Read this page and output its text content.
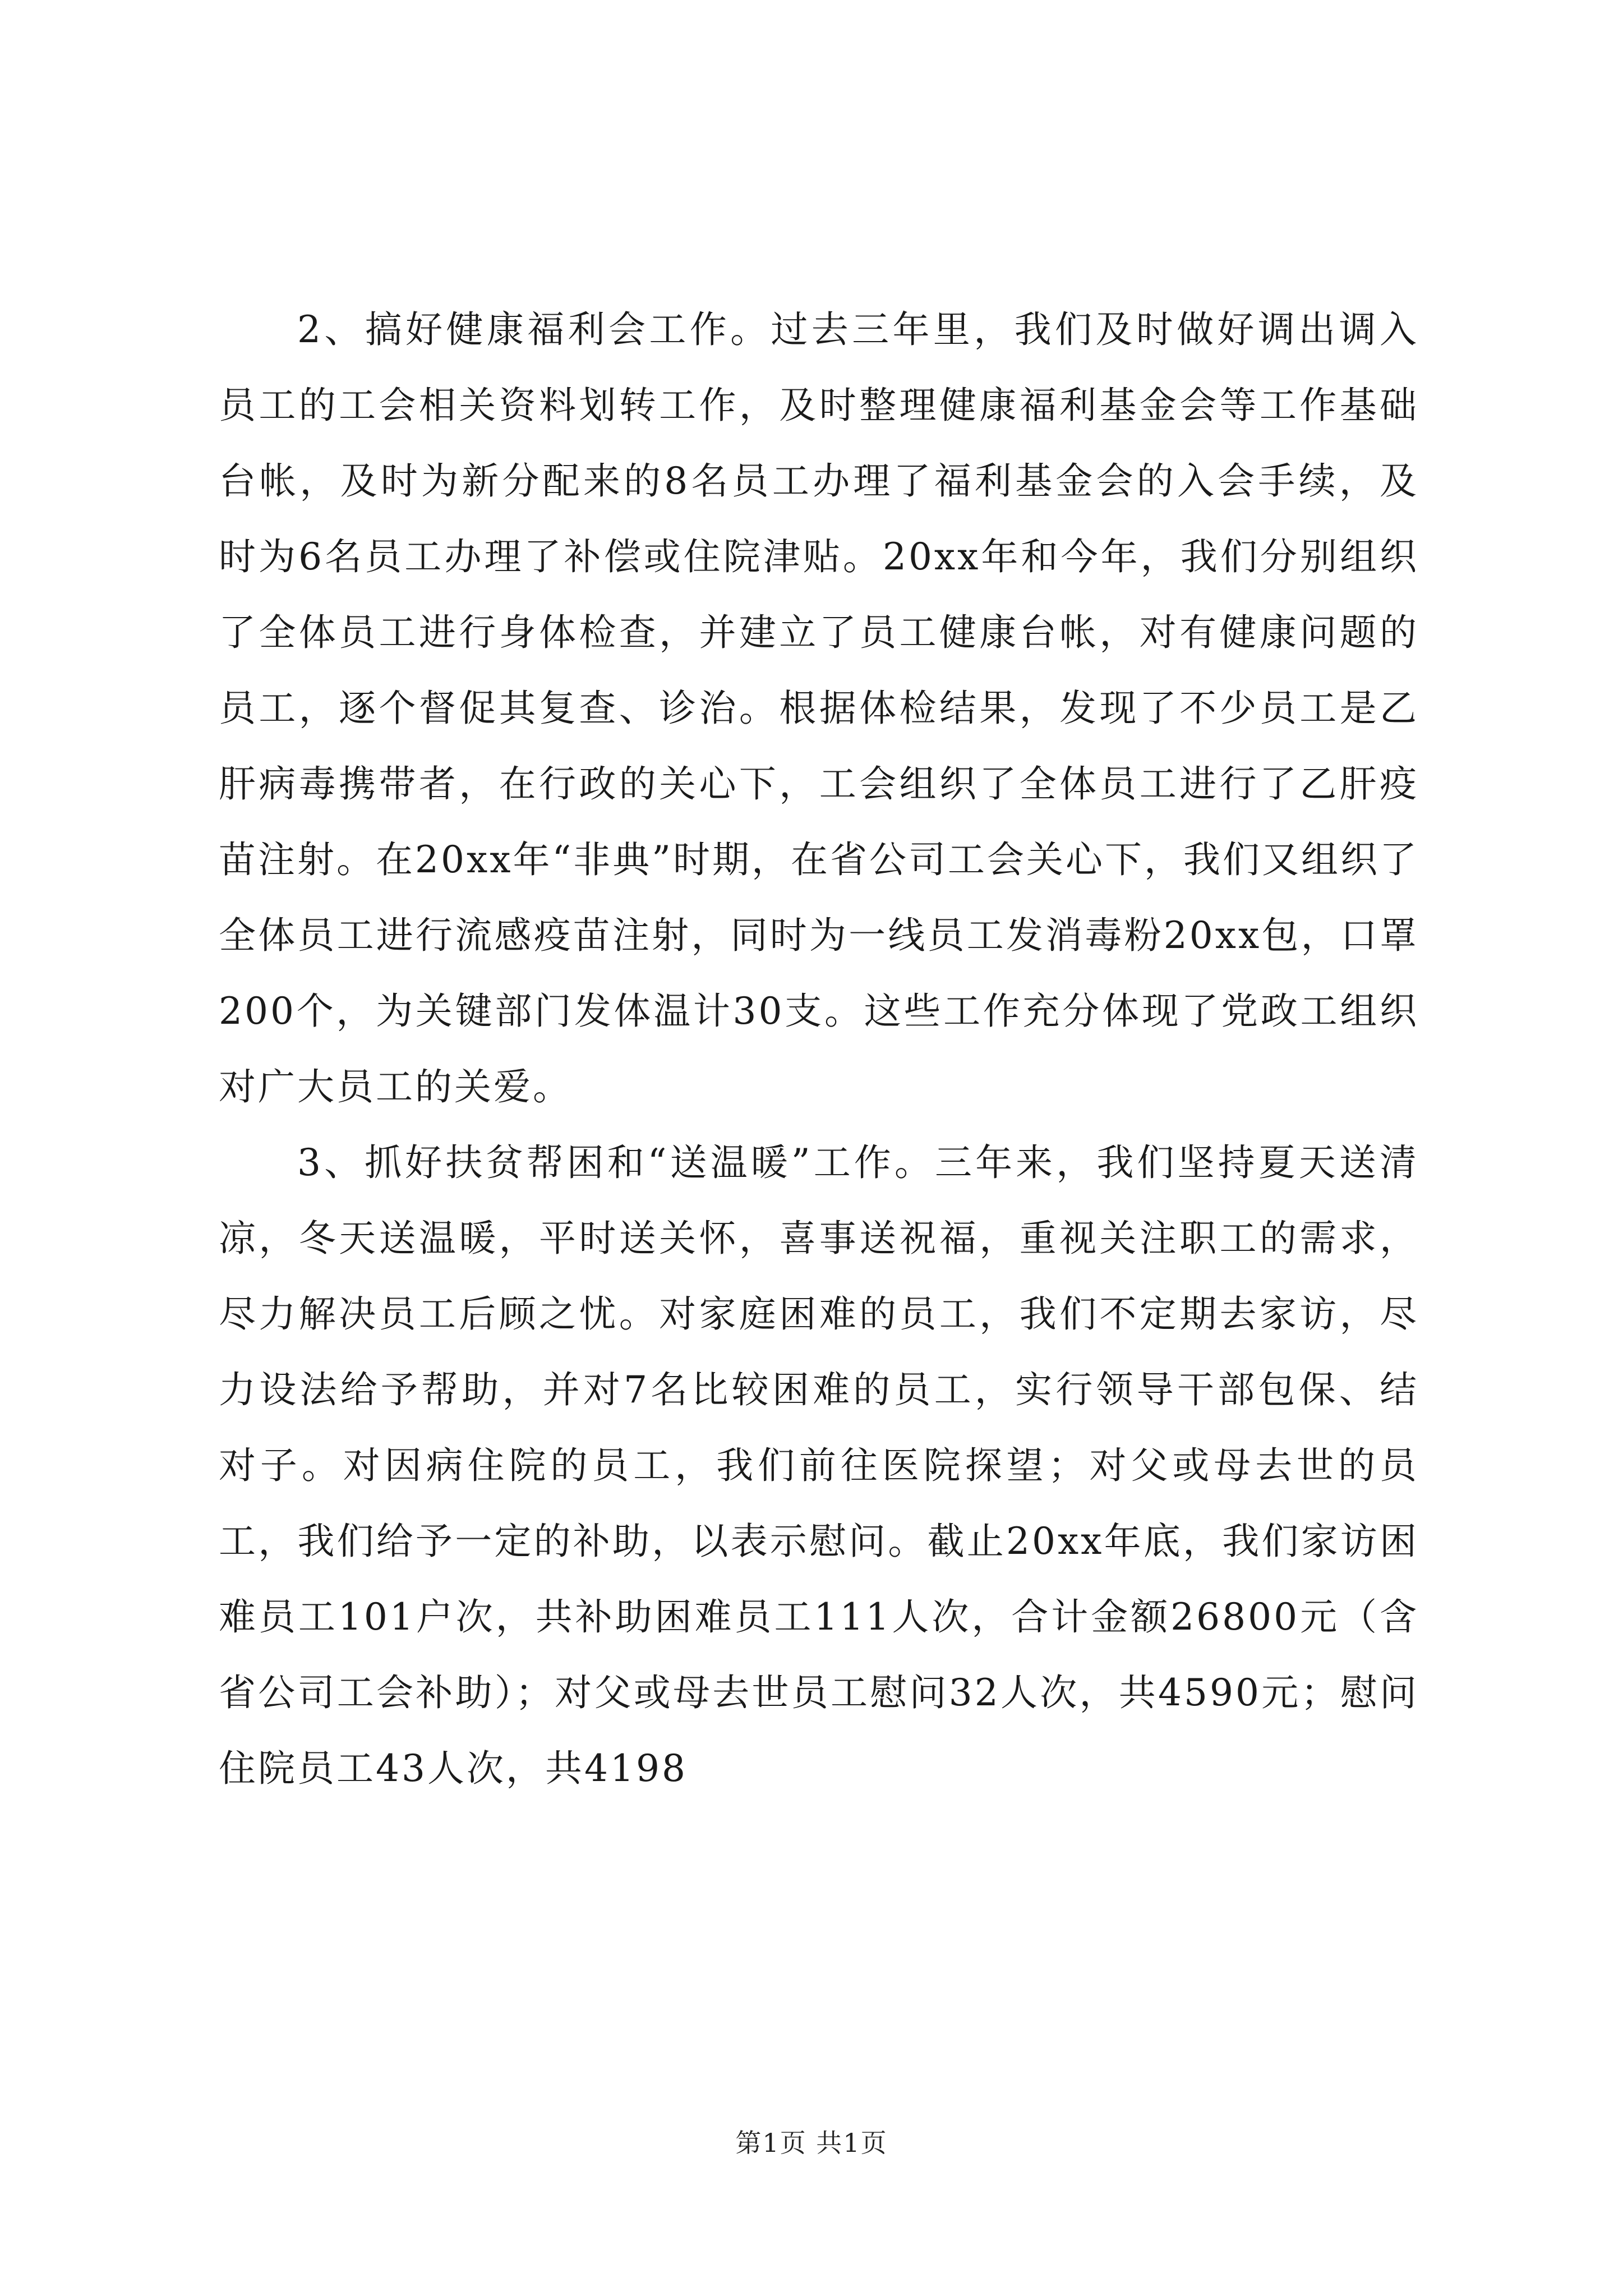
2、搞好健康福利会工作。过去三年里，我们及时做好调出调入员工的工会相关资料划转工作，及时整理健康福利基金会等工作基础台帐，及时为新分配来的8名员工办理了福利基金会的入会手续，及时为6名员工办理了补偿或住院津贴。20xx年和今年，我们分别组织了全体员工进行身体检查，并建立了员工健康台帐，对有健康问题的员工，逐个督促其复查、诊治。根据体检结果，发现了不少员工是乙肝病毒携带者，在行政的关心下，工会组织了全体员工进行了乙肝疫苗注射。在20xx年“非典”时期，在省公司工会关心下，我们又组织了全体员工进行流感疫苗注射，同时为一线员工发消毒粉20xx包，口罩200个，为关键部门发体温计30支。这些工作充分体现了党政工组织对广大员工的关爱。

3、抓好扶贫帮困和“送温暖”工作。三年来，我们坚持夏天送清凉，冬天送温暖，平时送关怀，喜事送祝福，重视关注职工的需求，尽力解决员工后顾之忧。对家庭困难的员工，我们不定期去家访，尽力设法给予帮助，并对7名比较困难的员工，实行领导干部包保、结对子。对因病住院的员工，我们前往医院探望；对父或母去世的员工，我们给予一定的补助，以表示慰问。截止20xx年底，我们家访困难员工101户次，共补助困难员工111人次，合计金额26800元（含省公司工会补助）；对父或母去世员工慰问32人次，共4590元；慰问住院员工43人次，共4198

第1页 共1页
